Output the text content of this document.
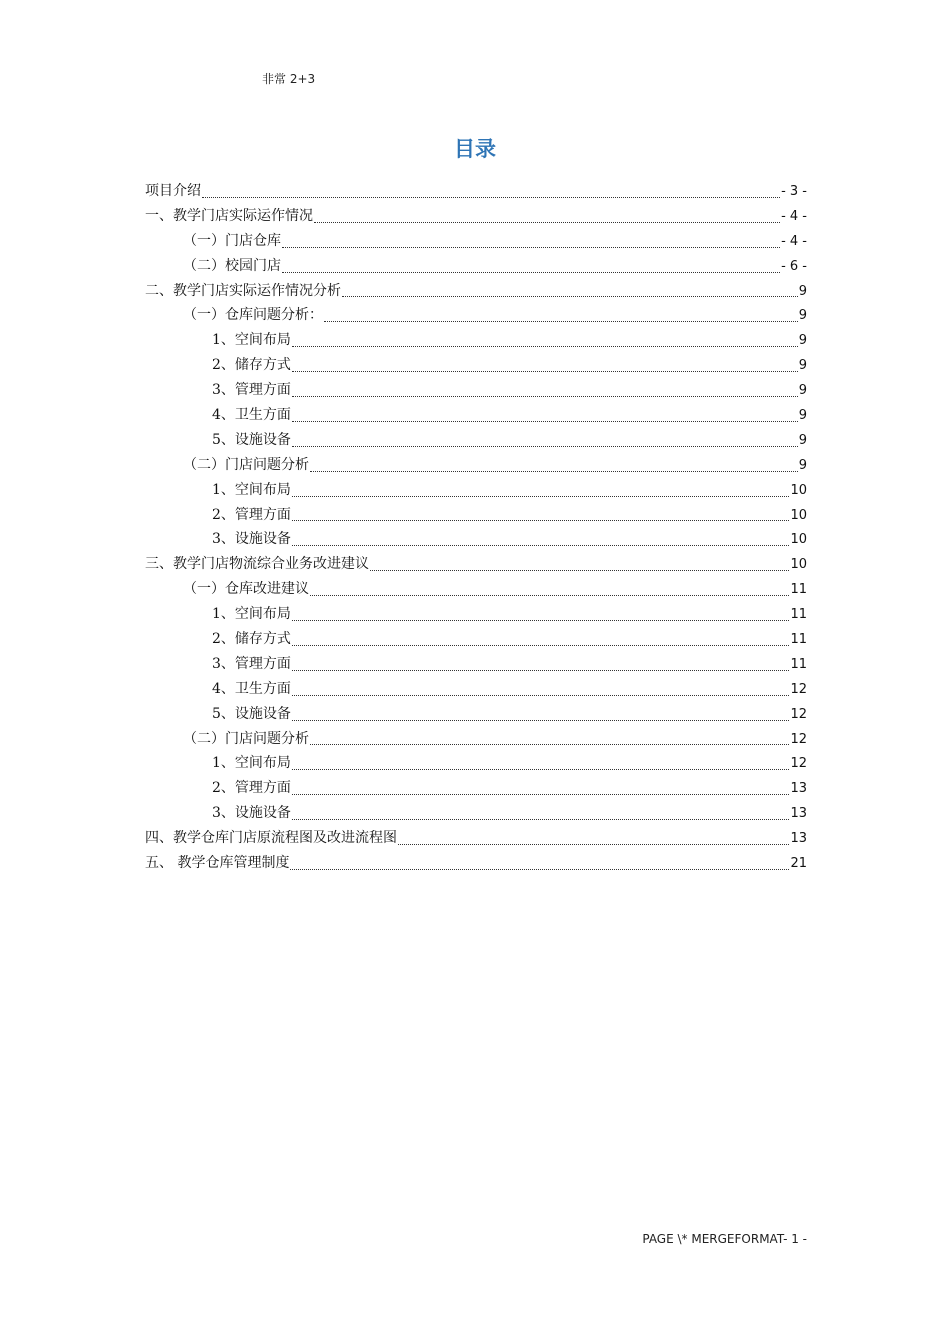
非常 2+3
目录
项目介绍	- 3 -
一、教学门店实际运作情况	- 4 -
（一）门店仓库	- 4 -
（二）校园门店	- 6 -
二、教学门店实际运作情况分析	9
（一）仓库问题分析：	9
1、空间布局	9
2、储存方式	9
3、管理方面	9
4、卫生方面	9
5、设施设备	9
（二）门店问题分析	9
1、空间布局	10
2、管理方面	10
3、设施设备	10
三、教学门店物流综合业务改进建议	10
（一）仓库改进建议	11
1、空间布局	11
2、储存方式	11
3、管理方面	11
4、卫生方面	12
5、设施设备	12
（二）门店问题分析	12
1、空间布局	12
2、管理方面	13
3、设施设备	13
四、教学仓库门店原流程图及改进流程图	13
五、 教学仓库管理制度	21
PAGE \* MERGEFORMAT- 1 -
